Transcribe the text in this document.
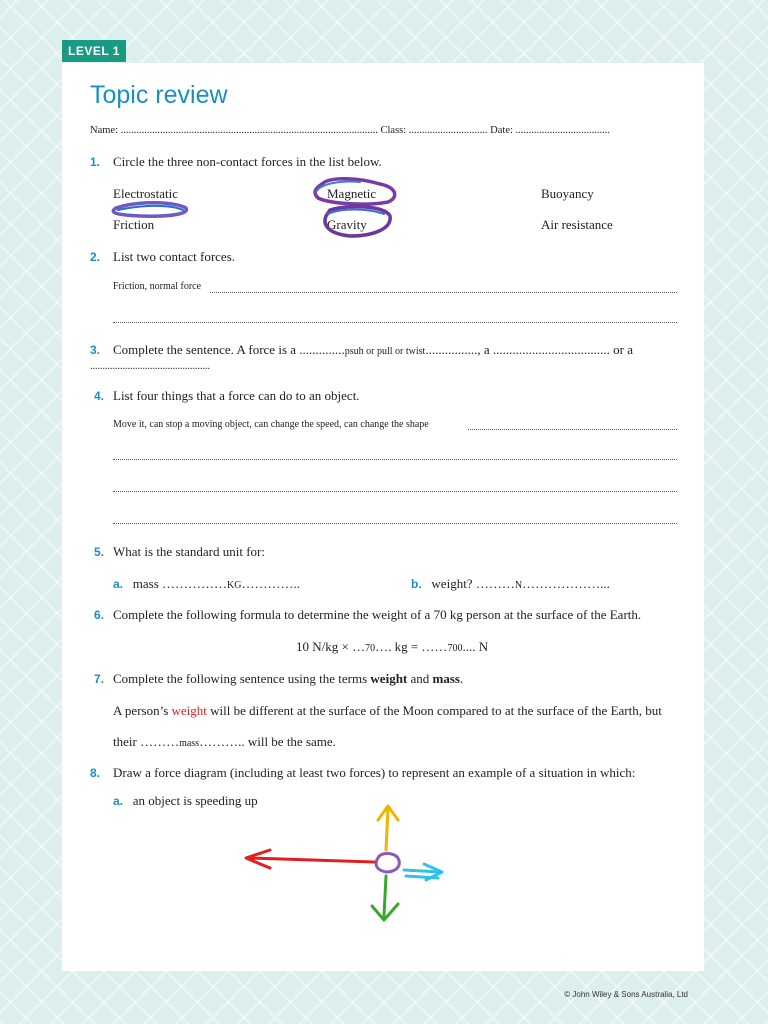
LEVEL 1
Topic review
Name: .................................................................................................. Class: .............................. Date: ....................................
1. Circle the three non-contact forces in the list below.
Electrostatic	Magnetic	Buoyancy
Friction	Gravity	Air resistance
2. List two contact forces.
Friction, normal force
3. Complete the sentence. A force is a ..............psuh or pull or twist................, a .................................... or a
................................................
4. List four things that a force can do to an object.
Move it, can stop a moving object, can change the speed, can change the shape
5. What is the standard unit for:
a. mass ……………KG…………..	b. weight? ………N………………...
6. Complete the following formula to determine the weight of a 70 kg person at the surface of the Earth.
10 N/kg × …70…. kg = ……700.... N
7. Complete the following sentence using the terms weight and mass.
A person’s weight will be different at the surface of the Moon compared to at the surface of the Earth, but
their ………mass……….. will be the same.
8. Draw a force diagram (including at least two forces) to represent an example of a situation in which:
a. an object is speeding up
© John Wiley & Sons Australia, Ltd
